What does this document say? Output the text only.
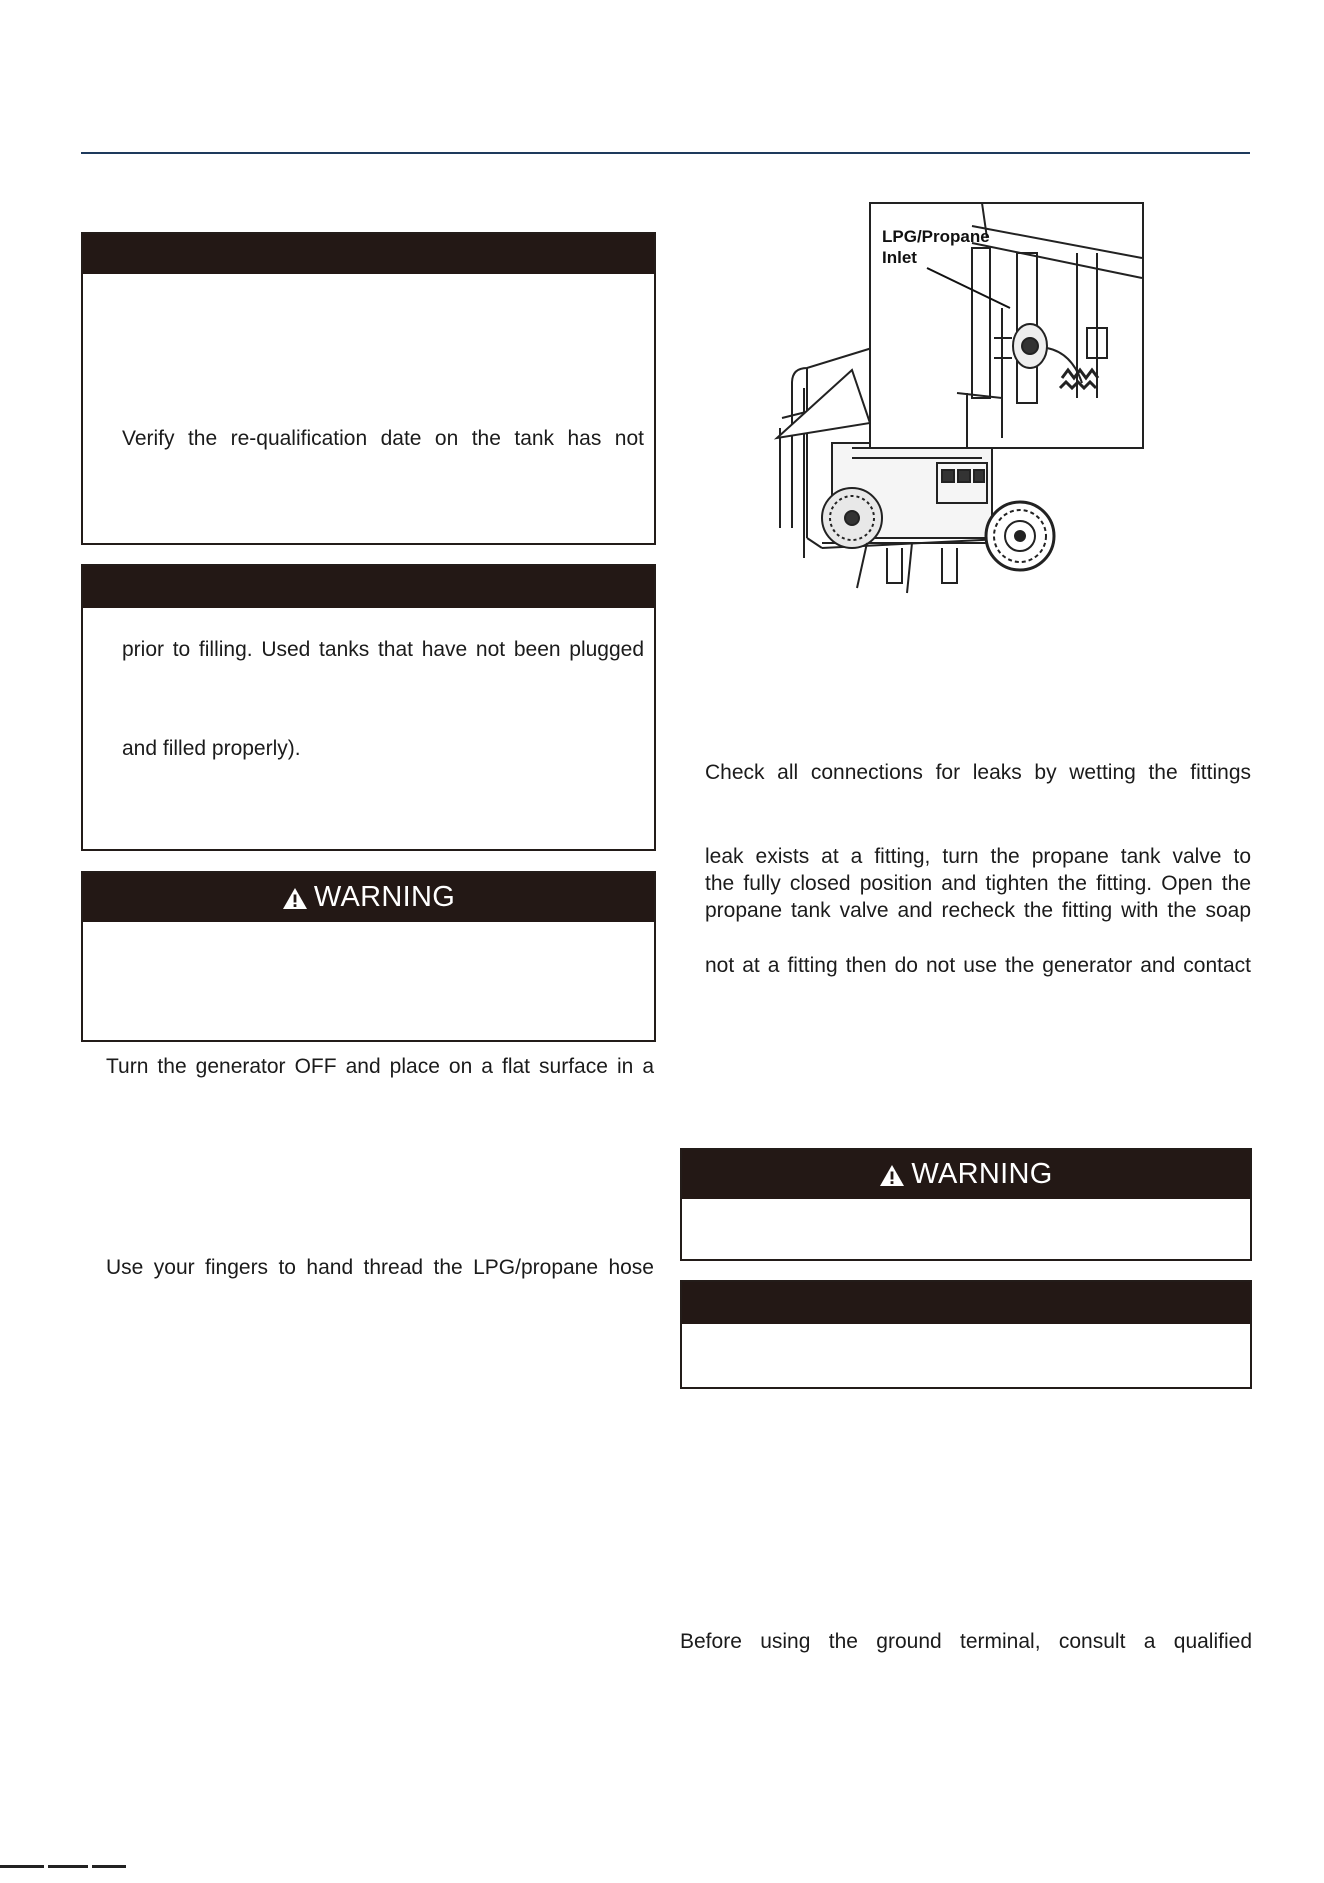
Verify the re-qualification date on the tank has not
prior to filling. Used tanks that have not been plugged
and filled properly).
WARNING
Turn the generator OFF and place on a flat surface in a
Use your fingers to hand thread the LPG/propane hose
LPG/Propane
Inlet
Check all connections for leaks by wetting the fittings
leak exists at a fitting, turn the propane tank valve to
the fully closed position and tighten the fitting. Open the
propane tank valve and recheck the fitting with the soap
not at a fitting then do not use the generator and contact
WARNING
Before using the ground terminal, consult a qualified
